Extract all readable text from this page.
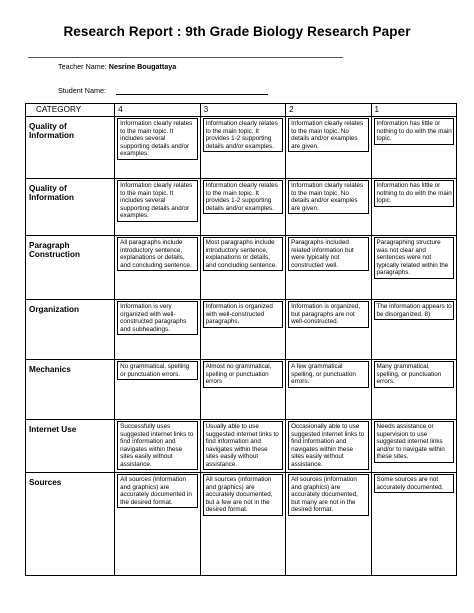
Research Report : 9th Grade Biology Research Paper
Teacher Name: Nesrine Bougattaya
Student Name:
CATEGORY	4	3	2	1
Quality of Information	Information clearly relates to the main topic. It includes several supporting details and/or examples.	Information clearly relates to the main topic. It provides 1-2 supporting details and/or examples.	Information clearly relates to the main topic. No details and/or examples are given.	Information has little or nothing to do with the main topic.

Quality of Information	Information clearly relates to the main topic. It includes several supporting details and/or examples.	Information clearly relates to the main topic. It provides 1-2 supporting details and/or examples.	Information clearly relates to the main topic. No details and/or examples are given.	Information has little or nothing to do with the main topic.

Paragraph Construction	All paragraphs include introductory sentence, explanations or details, and concluding sentence.	Most paragraphs include introductory sentence, explanations or details, and concluding sentence.	Paragraphs included related information but were typically not constructed well.	Paragraphing structure was not clear and sentences were not typically related within the paragraphs.

Organization	Information is very organized with well-constructed paragraphs and subheadings.	Information is organized with well-constructed paragraphs.	Information is organized, but paragraphs are not well-constructed.	The information appears to be disorganized. 8)

Mechanics	No grammatical, spelling or punctuation errors.	Almost no grammatical, spelling or punctuation errors	A few grammatical spelling, or punctuation errors.	Many grammatical, spelling, or punctuation errors.

Internet Use	Successfully uses suggested internet links to find information and navigates within these sites easily without assistance.	Usually able to use suggested internet links to find information and navigates within these sites easily without assistance.	Occasionally able to use suggested internet links to find information and navigates within these sites easily without assistance.	Needs assistance or supervision to use suggested internet links and/or to navigate within these sites.

Sources	All sources (information and graphics) are accurately documented in the desired format.	All sources (information and graphics) are accurately documented, but a few are not in the desired format.	All sources (information and graphics) are accurately documented, but many are not in the desired format.	Some sources are not accurately documented.
